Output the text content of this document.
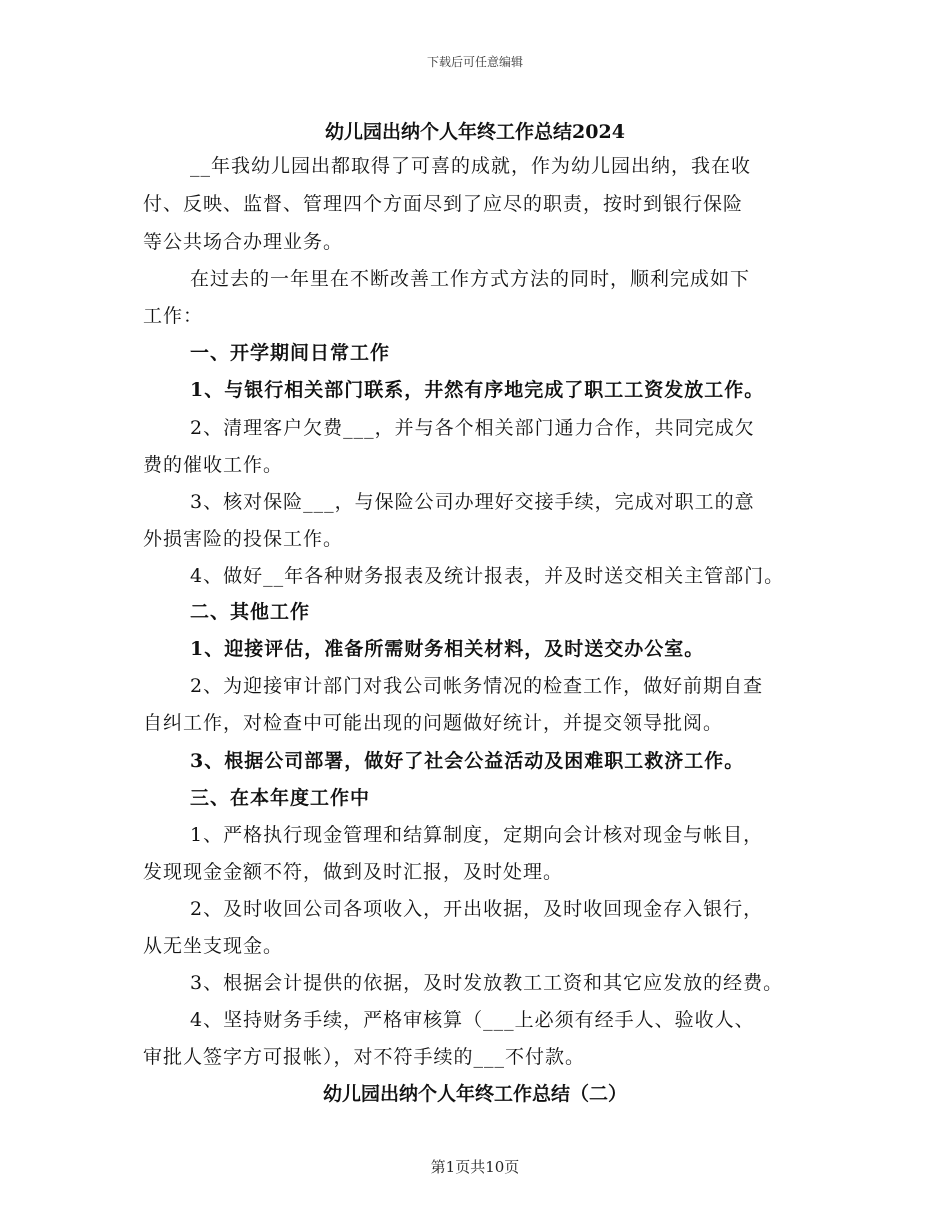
下载后可任意编辑
幼儿园出纳个人年终工作总结2024
__年我幼儿园出都取得了可喜的成就，作为幼儿园出纳，我在收
付、反映、监督、管理四个方面尽到了应尽的职责，按时到银行保险
等公共场合办理业务。
在过去的一年里在不断改善工作方式方法的同时，顺利完成如下
工作：
一、开学期间日常工作
1、与银行相关部门联系，井然有序地完成了职工工资发放工作。
2、清理客户欠费___，并与各个相关部门通力合作，共同完成欠
费的催收工作。
3、核对保险___，与保险公司办理好交接手续，完成对职工的意
外损害险的投保工作。
4、做好__年各种财务报表及统计报表，并及时送交相关主管部门。
二、其他工作
1、迎接评估，准备所需财务相关材料，及时送交办公室。
2、为迎接审计部门对我公司帐务情况的检查工作，做好前期自查
自纠工作，对检查中可能出现的问题做好统计，并提交领导批阅。
3、根据公司部署，做好了社会公益活动及困难职工救济工作。
三、在本年度工作中
1、严格执行现金管理和结算制度，定期向会计核对现金与帐目，
发现现金金额不符，做到及时汇报，及时处理。
2、及时收回公司各项收入，开出收据，及时收回现金存入银行，
从无坐支现金。
3、根据会计提供的依据，及时发放教工工资和其它应发放的经费。
4、坚持财务手续，严格审核算（___上必须有经手人、验收人、
审批人签字方可报帐），对不符手续的___不付款。
幼儿园出纳个人年终工作总结（二）
第1页共10页
